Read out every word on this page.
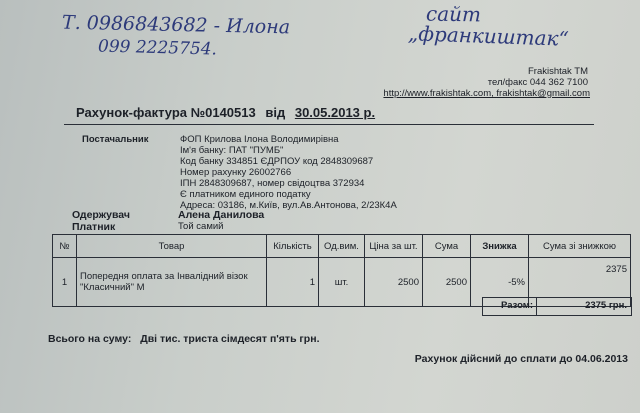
Т. 0986843682 - Илона
099 2225754.
сайт
„франкиштак“
Frakishtak TM
тел/факс 044 362 7100
http://www.frakishtak.com, frakishtak@gmail.com
Рахунок-фактура №0140513 від 30.05.2013 р.
Постачальник	ФОП Крилова Ілона Володимирівна
Ім'я банку: ПАТ "ПУМБ"
Код банку 334851 ЄДРПОУ код 2848309687
Номер рахунку 26002766
ІПН 2848309687, номер свідоцтва 372934
Є платником единого податку
Адреса: 03186, м.Київ, вул.Ав.Антонова, 2/23К4А
Одержувач	Алена Данилова
Платник	Той самий
№	Товар	Кількість	Од.вим.	Ціна за шт.	Сума	Знижка	Сума зі знижкою
1	Попередня оплата за Інвалідний візок "Класичний" М	1	шт.	2500	2500	-5%	2375
Разом:	2375 грн.
Всього на суму: Дві тис. триста сімдесят п'ять грн.
Рахунок дійсний до сплати до 04.06.2013
